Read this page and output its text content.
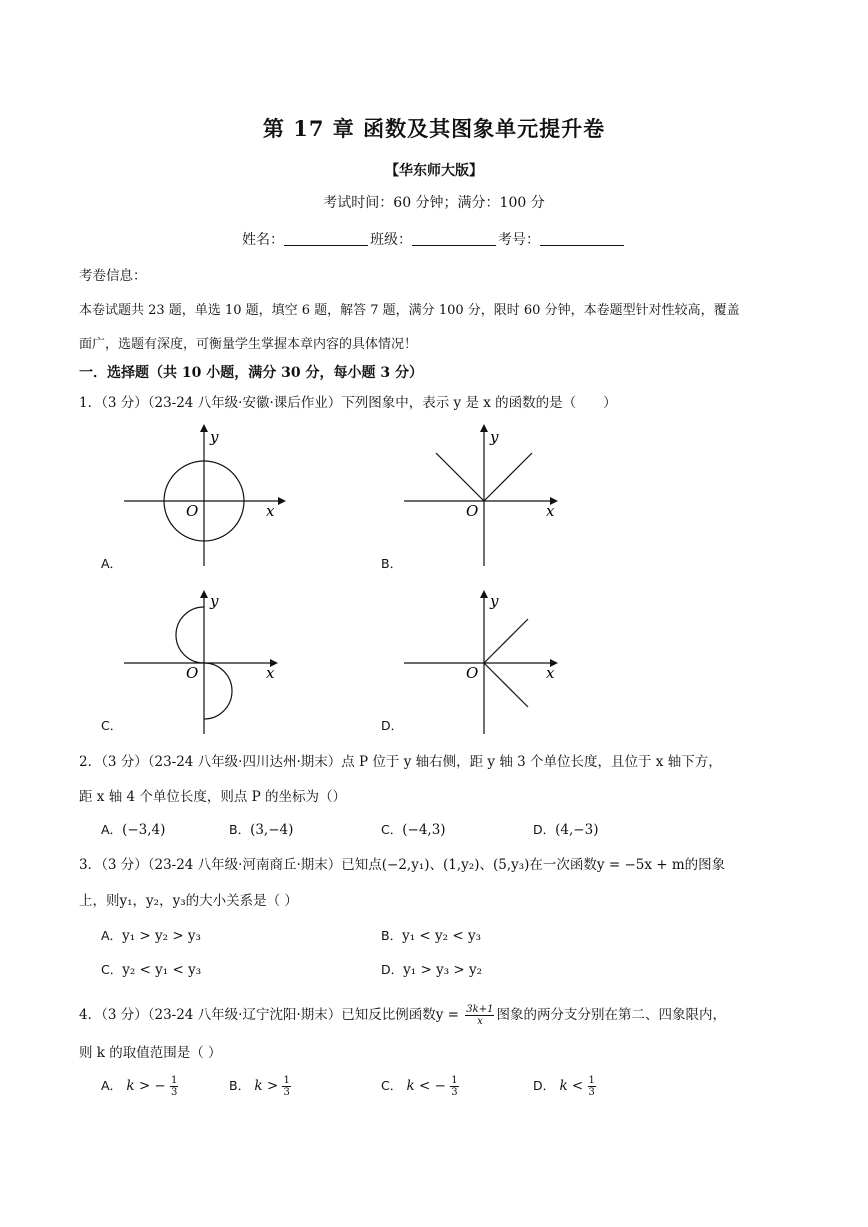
第 17 章 函数及其图象单元提升卷
【华东师大版】
考试时间：60 分钟；满分：100 分
姓名：	班级：	考号：
考卷信息：
本卷试题共 23 题，单选 10 题，填空 6 题，解答 7 题，满分 100 分，限时 60 分钟，本卷题型针对性较高，覆盖
面广，选题有深度，可衡量学生掌握本章内容的具体情况！
一．选择题（共 10 小题，满分 30 分，每小题 3 分）
1．（3 分）（23-24 八年级·安徽·课后作业）下列图象中，表示 y 是 x 的函数的是（　　）
y
x
O
A．
y
x
O
B．
y
x
O
C．
y
x
O
D．
2．（3 分）（23-24 八年级·四川达州·期末）点 P 位于 y 轴右侧，距 y 轴 3 个单位长度，且位于 x 轴下方，
距 x 轴 4 个单位长度，则点 P 的坐标为（）
A．(−3,4)	B．(3,−4)	C．(−4,3)	D．(4,−3)
3．（3 分）（23-24 八年级·河南商丘·期末）已知点(−2,y₁)、(1,y₂)、(5,y₃)在一次函数y = −5x + m的图象
上，则y₁，y₂，y₃的大小关系是（ ）
A．y₁ > y₂ > y₃	B．y₁ < y₂ < y₃
C．y₂ < y₁ < y₃	D．y₁ > y₃ > y₂
4．（3 分）（23-24 八年级·辽宁沈阳·期末）已知反比例函数$y = \frac{3k+1}{x}$ 图象的两分支分别在第二、四象限内，
则 k 的取值范围是（ ）
A． k > − $\frac{1}{3}$	B． $k > \frac{1}{3}$	C． k < − $\frac{1}{3}$	D． $k < \frac{1}{3}$
